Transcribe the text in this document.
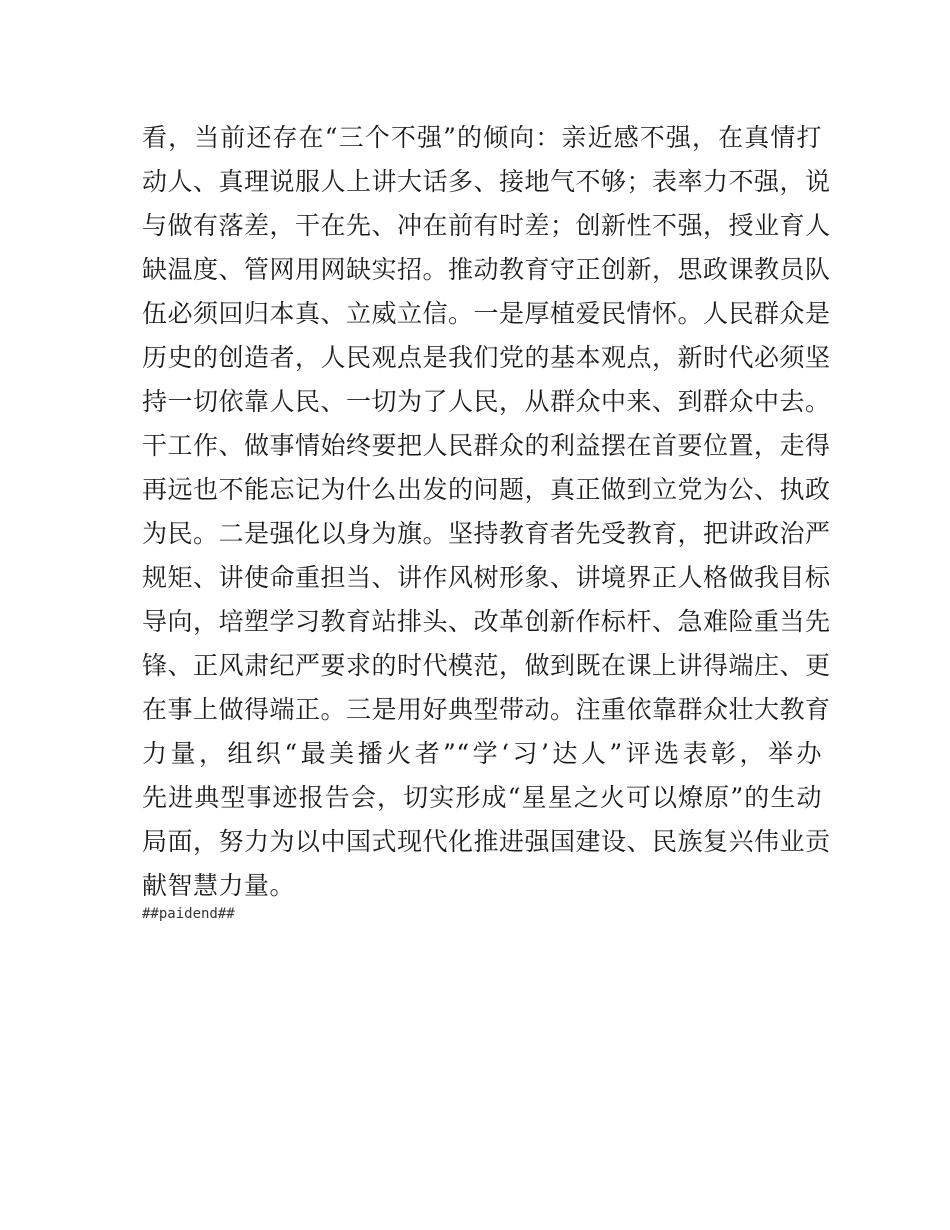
看，当前还存在“三个不强”的倾向：亲近感不强，在真情打
动人、真理说服人上讲大话多、接地气不够；表率力不强，说
与做有落差，干在先、冲在前有时差；创新性不强，授业育人
缺温度、管网用网缺实招。推动教育守正创新，思政课教员队
伍必须回归本真、立威立信。一是厚植爱民情怀。人民群众是
历史的创造者，人民观点是我们党的基本观点，新时代必须坚
持一切依靠人民、一切为了人民，从群众中来、到群众中去。
干工作、做事情始终要把人民群众的利益摆在首要位置，走得
再远也不能忘记为什么出发的问题，真正做到立党为公、执政
为民。二是强化以身为旗。坚持教育者先受教育，把讲政治严
规矩、讲使命重担当、讲作风树形象、讲境界正人格做我目标
导向，培塑学习教育站排头、改革创新作标杆、急难险重当先
锋、正风肃纪严要求的时代模范，做到既在课上讲得端庄、更
在事上做得端正。三是用好典型带动。注重依靠群众壮大教育
力量，组织“最美播火者”“学‘习’达人”评选表彰，举办
先进典型事迹报告会，切实形成“星星之火可以燎原”的生动
局面，努力为以中国式现代化推进强国建设、民族复兴伟业贡
献智慧力量。
##paidend##
